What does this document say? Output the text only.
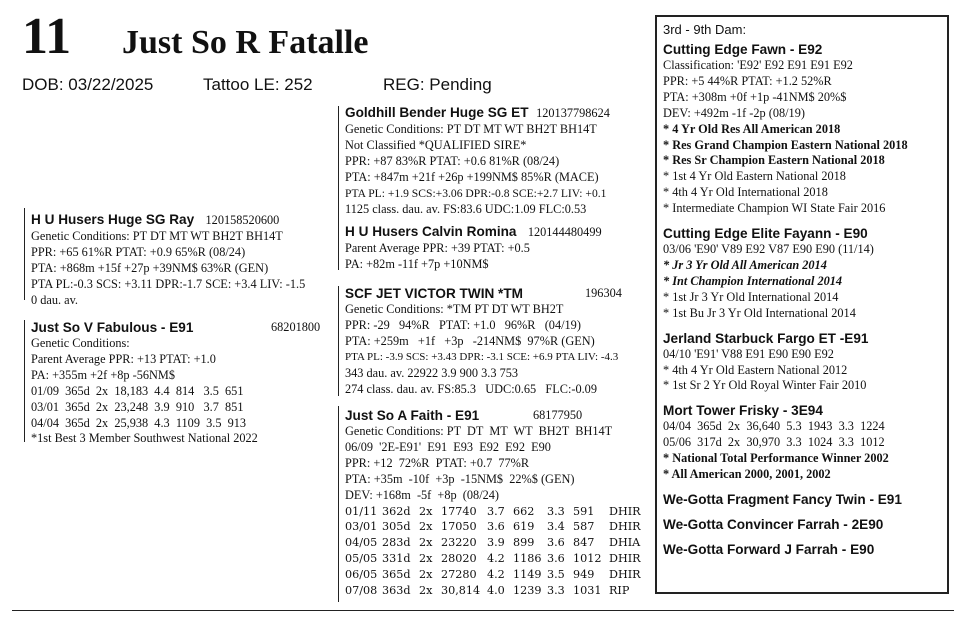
11 Just So R Fatalle
DOB: 03/22/2025	Tattoo LE: 252	REG: Pending
H U Husers Huge SG Ray 120158520600
Genetic Conditions: PT DT MT WT BH2T BH14T
PPR: +65 61%R PTAT: +0.9 65%R (08/24)
PTA: +868m +15f +27p +39NM$ 63%R (GEN)
PTA PL:-0.3 SCS: +3.11 DPR:-1.7 SCE: +3.4 LIV: -1.5
0 dau. av.
Just So V Fabulous - E91	68201800
Genetic Conditions:
Parent Average PPR: +13 PTAT: +1.0
PA: +355m +2f +8p -56NM$
01/09  365d  2x  18,183  4.4  814   3.5  651
03/01  365d  2x  23,248  3.9  910   3.7  851
04/04  365d  2x  25,938  4.3  1109  3.5  913
*1st Best 3 Member Southwest National 2022
Goldhill Bender Huge SG ET 120137798624
Genetic Conditions: PT DT MT WT BH2T BH14T
Not Classified *QUALIFIED SIRE*
PPR: +87 83%R PTAT: +0.6 81%R (08/24)
PTA: +847m +21f +26p +199NM$ 85%R (MACE)
PTA PL: +1.9 SCS:+3.06 DPR:-0.8 SCE:+2.7 LIV: +0.1
1125 class. dau. av. FS:83.6 UDC:1.09 FLC:0.53
H U Husers Calvin Romina 120144480499
Parent Average PPR: +39 PTAT: +0.5
PA: +82m -11f +7p +10NM$
SCF JET VICTOR TWIN *TM	196304
Genetic Conditions: *TM PT DT WT BH2T
PPR: -29   94%R   PTAT: +1.0   96%R   (04/19)
PTA: +259m   +1f   +3p   -214NM$  97%R (GEN)
PTA PL: -3.9 SCS: +3.43 DPR: -3.1 SCE: +6.9 PTA LIV: -4.3
343 dau. av. 22922 3.9 900 3.3 753
274 class. dau. av. FS:85.3   UDC:0.65   FLC:-0.09
Just So A Faith - E91	68177950
Genetic Conditions: PT  DT  MT  WT  BH2T  BH14T
06/09  '2E-E91'  E91  E93  E92  E92  E90
PPR: +12  72%R  PTAT: +0.7  77%R
PTA: +35m  -10f  +3p  -15NM$  22%$ (GEN)
DEV: +168m  -5f  +8p  (08/24)
01/11 362d 2x 17740 3.7 662	3.3 591	DHIR
03/01 305d 2x 17050 3.6 619	3.4 587	DHIR
04/05 283d 2x 23220 3.9 899	3.6 847	DHIA
05/05 331d 2x 28020 4.2 1186 3.6 1012 DHIR
06/05 365d 2x 27280 4.2 1149 3.5 949	DHIR
07/08 363d 2x 30,814 4.0 1239 3.3 1031 RIP
3rd - 9th Dam:
Cutting Edge Fawn - E92
Classification: 'E92' E92 E91 E91 E92
PPR: +5 44%R PTAT: +1.2 52%R
PTA: +308m +0f +1p -41NM$ 20%$
DEV: +492m -1f -2p (08/19)
* 4 Yr Old Res All American 2018
* Res Grand Champion Eastern National 2018
* Res Sr Champion Eastern National 2018
* 1st 4 Yr Old Eastern National 2018
* 4th 4 Yr Old International 2018
* Intermediate Champion WI State Fair 2016
Cutting Edge Elite Fayann - E90
03/06 'E90' V89 E92 V87 E90 E90 (11/14)
* Jr 3 Yr Old All American 2014
* Int Champion International 2014
* 1st Jr 3 Yr Old International 2014
* 1st Bu Jr 3 Yr Old International 2014
Jerland Starbuck Fargo ET -E91
04/10 'E91' V88 E91 E90 E90 E92
* 4th 4 Yr Old Eastern National 2012
* 1st Sr 2 Yr Old Royal Winter Fair 2010
Mort Tower Frisky - 3E94
04/04  365d  2x  36,640  5.3  1943  3.3  1224
05/06  317d  2x  30,970  3.3  1024  3.3  1012
* National Total Performance Winner 2002
* All American 2000, 2001, 2002
We-Gotta Fragment Fancy Twin - E91
We-Gotta Convincer Farrah - 2E90
We-Gotta Forward J Farrah - E90
